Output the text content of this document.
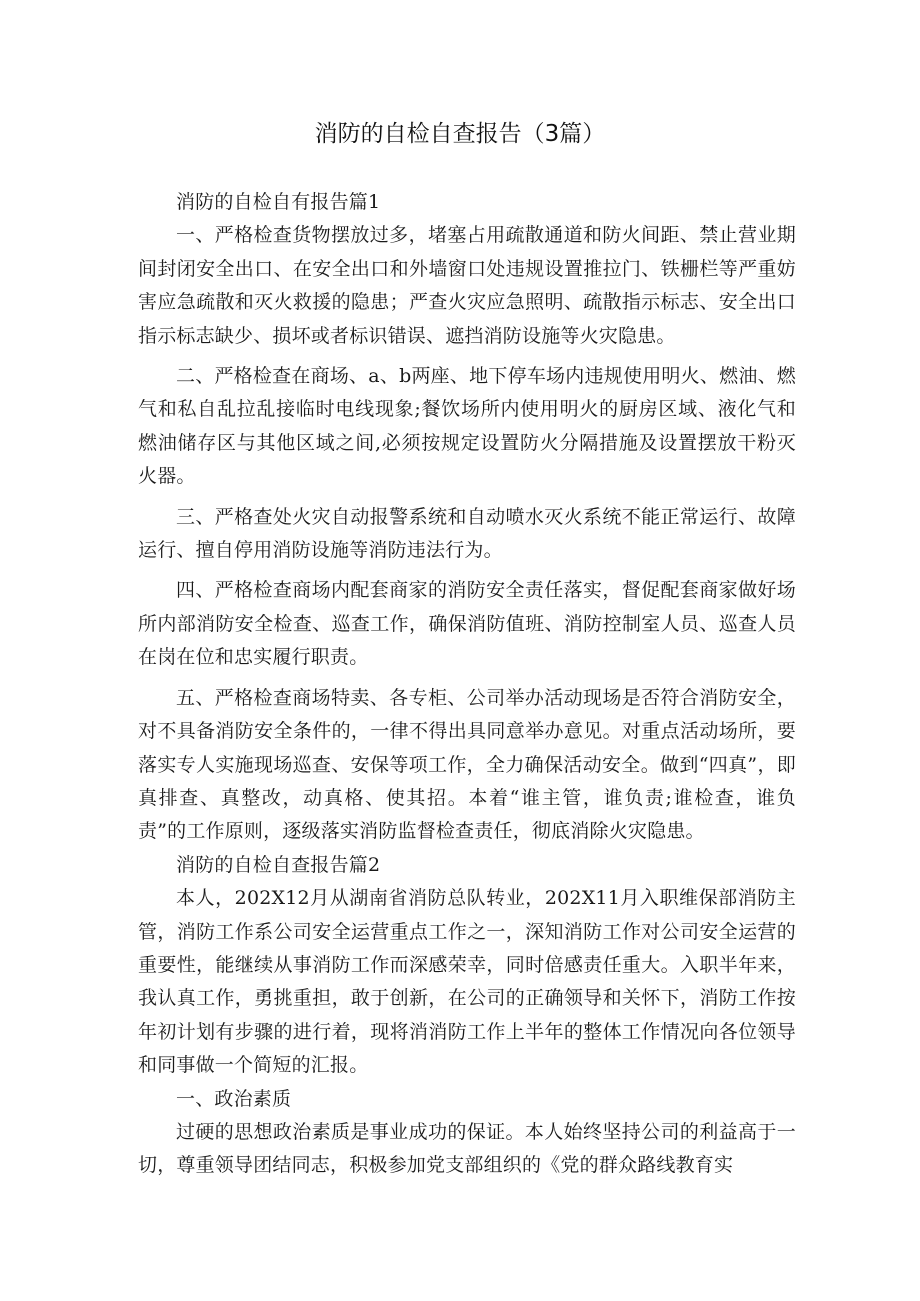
消防的自检自查报告（3篇）

消防的自检自有报告篇1

一、严格检查货物摆放过多，堵塞占用疏散通道和防火间距、禁止营业期间封闭安全出口、在安全出口和外墙窗口处违规设置推拉门、铁栅栏等严重妨害应急疏散和灭火救援的隐患；严查火灾应急照明、疏散指示标志、安全出口指示标志缺少、损坏或者标识错误、遮挡消防设施等火灾隐患。

二、严格检查在商场、a、b两座、地下停车场内违规使用明火、燃油、燃气和私自乱拉乱接临时电线现象;餐饮场所内使用明火的厨房区域、液化气和燃油储存区与其他区域之间,必须按规定设置防火分隔措施及设置摆放干粉灭火器。

三、严格查处火灾自动报警系统和自动喷水灭火系统不能正常运行、故障运行、擅自停用消防设施等消防违法行为。

四、严格检查商场内配套商家的消防安全责任落实，督促配套商家做好场所内部消防安全检查、巡查工作，确保消防值班、消防控制室人员、巡查人员在岗在位和忠实履行职责。

五、严格检查商场特卖、各专柜、公司举办活动现场是否符合消防安全，对不具备消防安全条件的，一律不得出具同意举办意见。对重点活动场所，要落实专人实施现场巡查、安保等项工作，全力确保活动安全。做到“四真”，即真排查、真整改，动真格、使其招。本着“谁主管，谁负责;谁检查，谁负责”的工作原则，逐级落实消防监督检查责任，彻底消除火灾隐患。

消防的自检自查报告篇2

本人，202X12月从湖南省消防总队转业，202X11月入职维保部消防主管，消防工作系公司安全运营重点工作之一，深知消防工作对公司安全运营的重要性，能继续从事消防工作而深感荣幸，同时倍感责任重大。入职半年来，我认真工作，勇挑重担，敢于创新，在公司的正确领导和关怀下，消防工作按年初计划有步骤的进行着，现将消消防工作上半年的整体工作情况向各位领导和同事做一个简短的汇报。

一、政治素质

过硬的思想政治素质是事业成功的保证。本人始终坚持公司的利益高于一切，尊重领导团结同志，积极参加党支部组织的《党的群众路线教育实
